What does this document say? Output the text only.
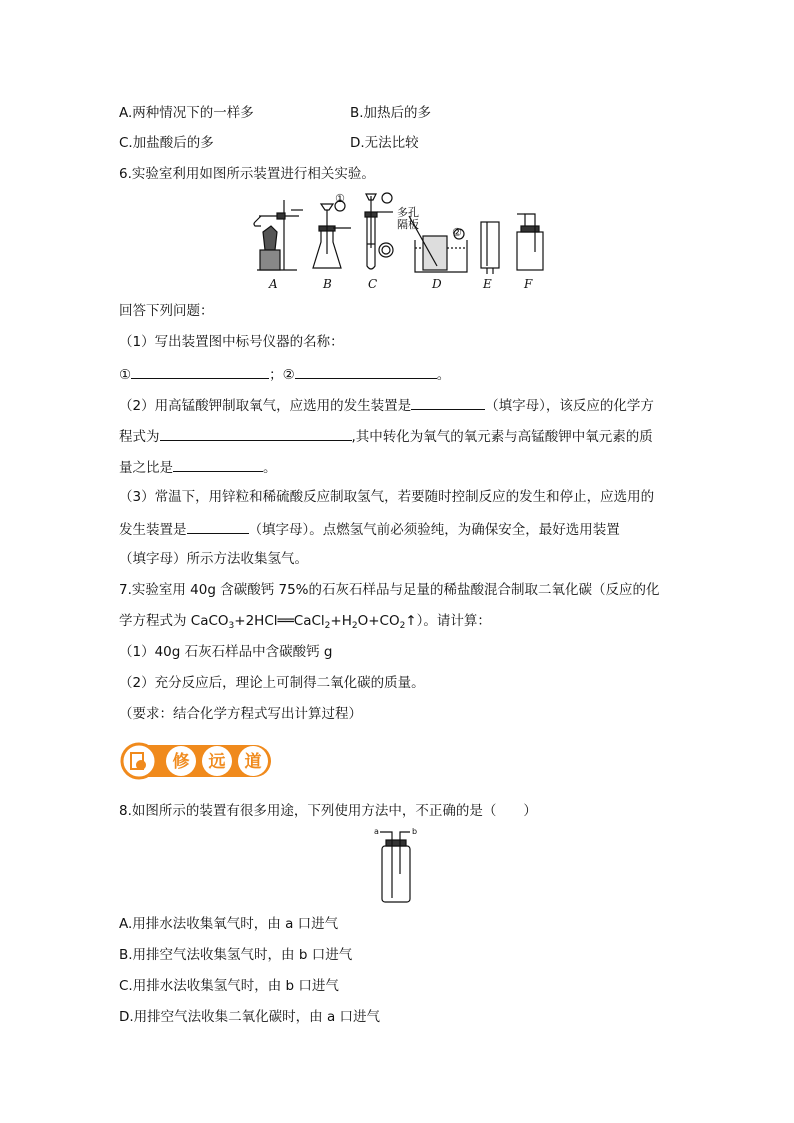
A.两种情况下的一样多	B.加热后的多
C.加盐酸后的多	D.无法比较
6.实验室利用如图所示装置进行相关实验。
多孔
隔板
①
②
A	B	C	D	E	F
回答下列问题：
（1）写出装置图中标号仪器的名称：
①	；②	。
（2）用高锰酸钾制取氧气，应选用的发生装置是	（填字母），该反应的化学方
程式为	,其中转化为氧气的氧元素与高锰酸钾中氧元素的质
量之比是	。
（3）常温下，用锌粒和稀硫酸反应制取氢气，若要随时控制反应的发生和停止，应选用的
发生装置是	（填字母）。点燃氢气前必须验纯，为确保安全，最好选用装置
（填字母）所示方法收集氢气。
7.实验室用 40g 含碳酸钙 75%的石灰石样品与足量的稀盐酸混合制取二氧化碳（反应的化
学方程式为 $CaCO_3+2HCl══CaCl_2+H_2O+CO_2↑$）。请计算：
（1）40g 石灰石样品中含碳酸钙 g
（2）充分反应后，理论上可制得二氧化碳的质量。
（要求：结合化学方程式写出计算过程）
修 远 道
8.如图所示的装置有很多用途，下列使用方法中，不正确的是（　　）
a	b
A.用排水法收集氧气时，由 a 口进气
B.用排空气法收集氢气时，由 b 口进气
C.用排水法收集氢气时，由 b 口进气
D.用排空气法收集二氧化碳时，由 a 口进气
